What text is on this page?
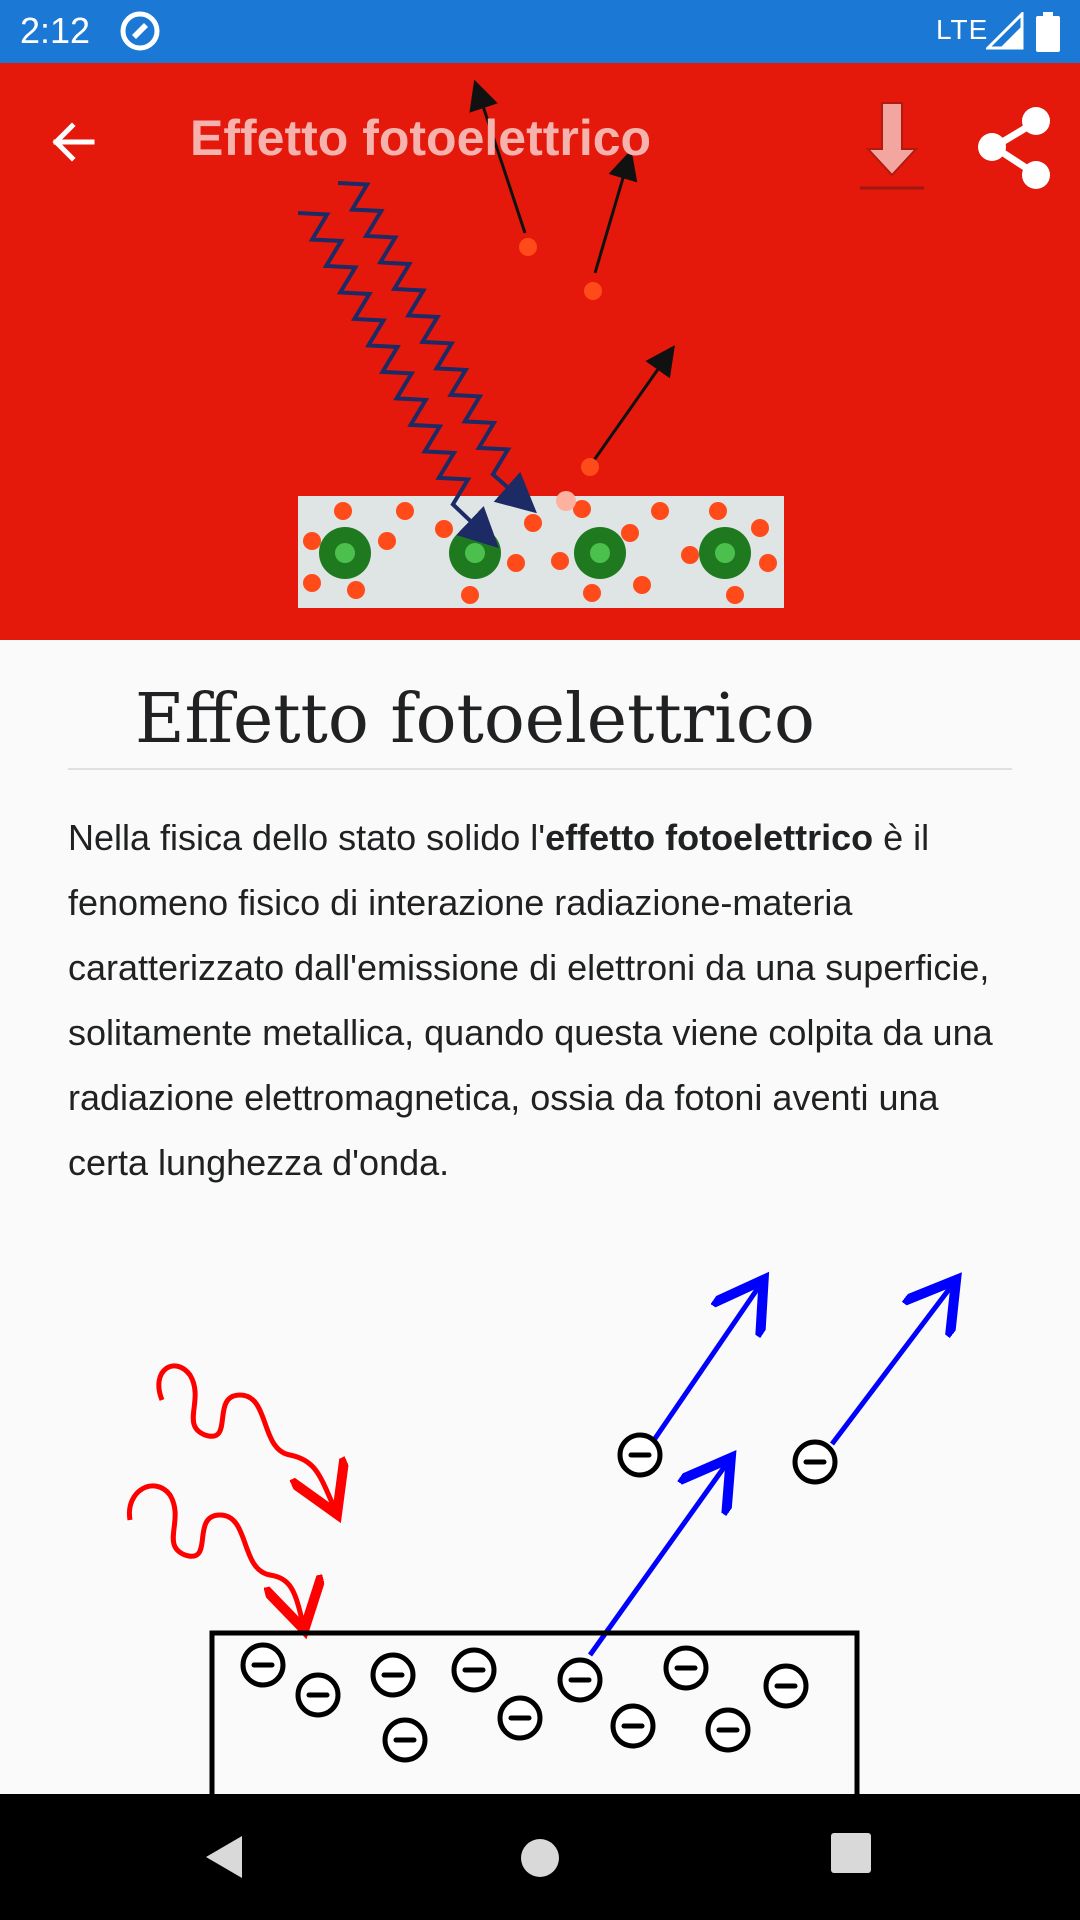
2:12	LTE
Effetto fotoelettrico
Effetto fotoelettrico

Nella fisica dello stato solido l'effetto fotoelettrico è il fenomeno fisico di interazione radiazione-materia caratterizzato dall'emissione di elettroni da una superficie, solitamente metallica, quando questa viene colpita da una radiazione elettromagnetica, ossia da fotoni aventi una certa lunghezza d'onda.
